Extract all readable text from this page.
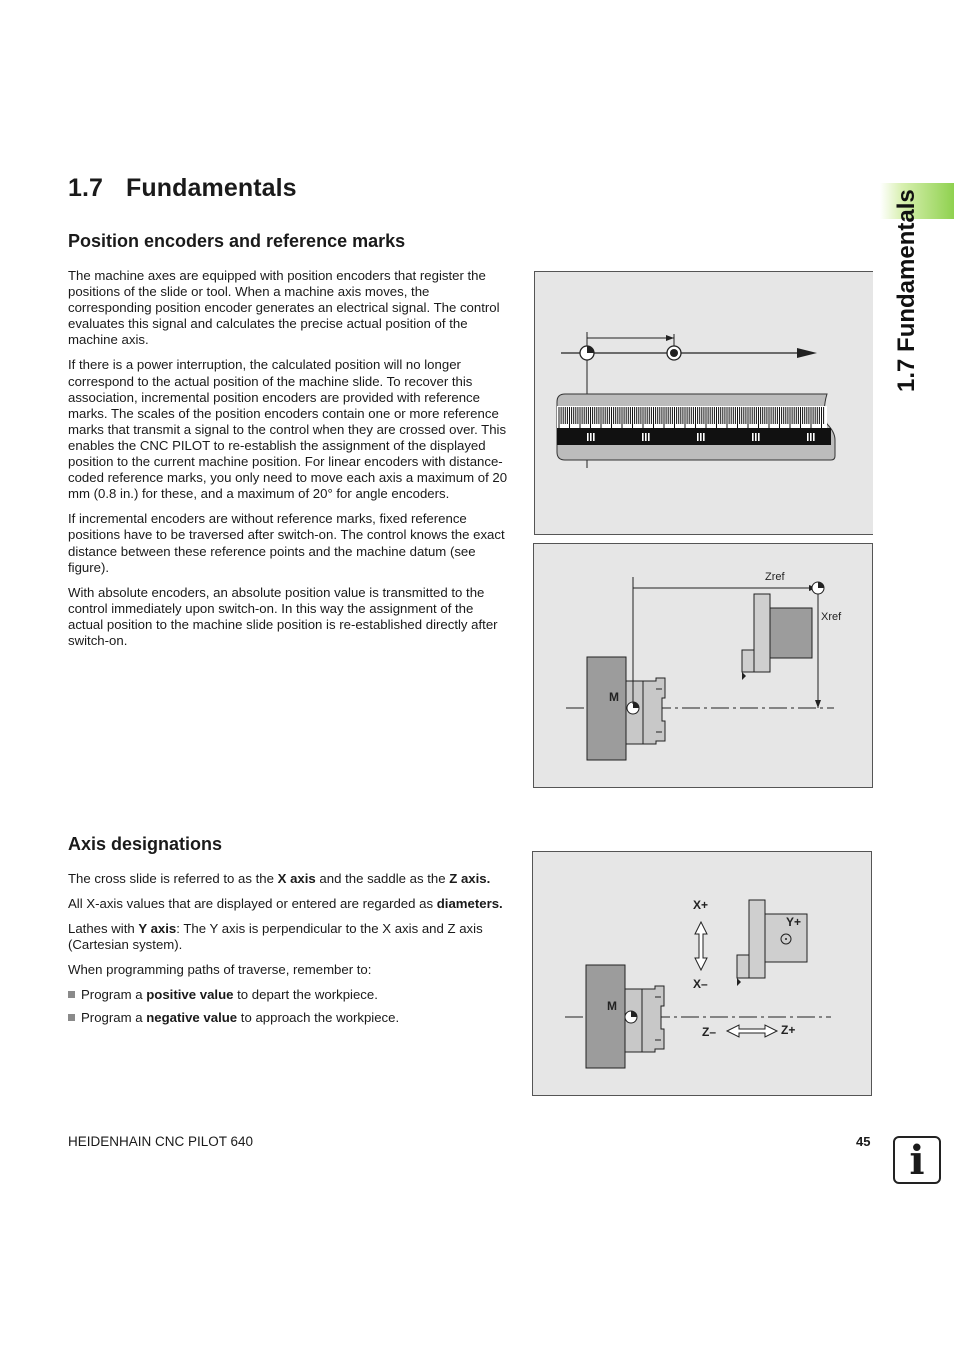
1.7 Fundamentals
1.7 Fundamentals
Position encoders and reference marks

The machine axes are equipped with position encoders that register the positions of the slide or tool. When a machine axis moves, the corresponding position encoder generates an electrical signal. The control evaluates this signal and calculates the precise actual position of the machine axis.

If there is a power interruption, the calculated position will no longer correspond to the actual position of the machine slide. To recover this association, incremental position encoders are provided with reference marks. The scales of the position encoders contain one or more reference marks that transmit a signal to the control when they are crossed over. This enables the CNC PILOT to re-establish the assignment of the displayed position to the current machine position. For linear encoders with distance-coded reference marks, you only need to move each axis a maximum of 20 mm (0.8 in.) for these, and a maximum of 20° for angle encoders.

If incremental encoders are without reference marks, fixed reference positions have to be traversed after switch-on. The control knows the exact distance between these reference points and the machine datum (see figure).

With absolute encoders, an absolute position value is transmitted to the control immediately upon switch-on. In this way the assignment of the actual position to the machine slide position is re-established directly after switch-on.

M
Zref
Xref
Axis designations

The cross slide is referred to as the X axis and the saddle as the Z axis.

All X-axis values that are displayed or entered are regarded as diameters.

Lathes with Y axis: The Y axis is perpendicular to the X axis and Z axis (Cartesian system).

When programming paths of traverse, remember to:

Program a positive value to depart the workpiece.

Program a negative value to approach the workpiece.

M
Y+
X+
X–
Z–	Z+
HEIDENHAIN CNC PILOT 640	45 i
